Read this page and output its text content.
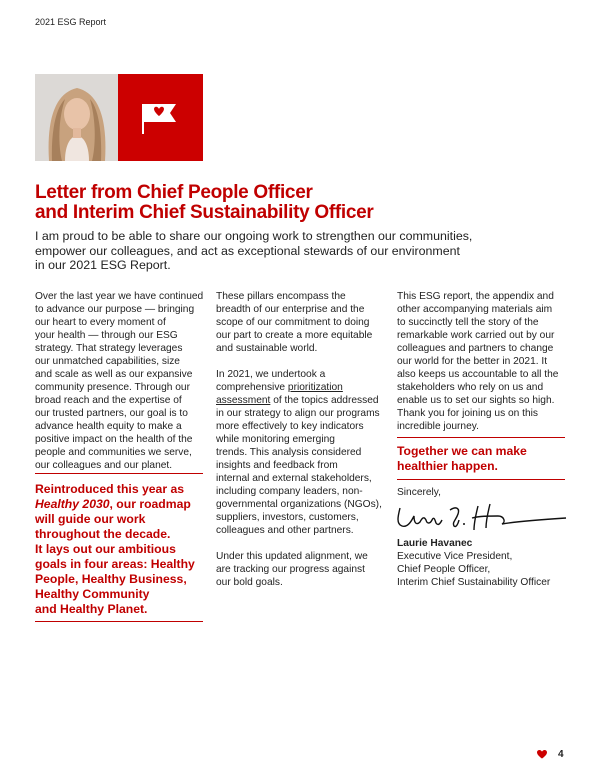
2021 ESG Report
Letter from Chief People Officer
and Interim Chief Sustainability Officer
I am proud to be able to share our ongoing work to strengthen our communities,
empower our colleagues, and act as exceptional stewards of our environment
in our 2021 ESG Report.
Over the last year we have continued
to advance our purpose — bringing
our heart to every moment of
your health — through our ESG
strategy. That strategy leverages
our unmatched capabilities, size
and scale as well as our expansive
community presence. Through our
broad reach and the expertise of
our trusted partners, our goal is to
advance health equity to make a
positive impact on the health of the
people and communities we serve,
our colleagues and our planet.
Reintroduced this year as
Healthy 2030, our roadmap
will guide our work
throughout the decade.
It lays out our ambitious
goals in four areas: Healthy
People, Healthy Business,
Healthy Community
and Healthy Planet.

These pillars encompass the
breadth of our enterprise and the
scope of our commitment to doing
our part to create a more equitable
and sustainable world.

In 2021, we undertook a
comprehensive prioritization
assessment of the topics addressed
in our strategy to align our programs
more effectively to key indicators
while monitoring emerging
trends. This analysis considered
insights and feedback from
internal and external stakeholders,
including company leaders, non-
governmental organizations (NGOs),
suppliers, investors, customers,
colleagues and other partners.

Under this updated alignment, we
are tracking our progress against
our bold goals.

This ESG report, the appendix and
other accompanying materials aim
to succinctly tell the story of the
remarkable work carried out by our
colleagues and partners to change
our world for the better in 2021. It
also keeps us accountable to all the
stakeholders who rely on us and
enable us to set our sights so high.
Thank you for joining us on this
incredible journey.
Together we can make
healthier happen.
Sincerely,
Laurie Havanec
Executive Vice President,
Chief People Officer,
Interim Chief Sustainability Officer
4
